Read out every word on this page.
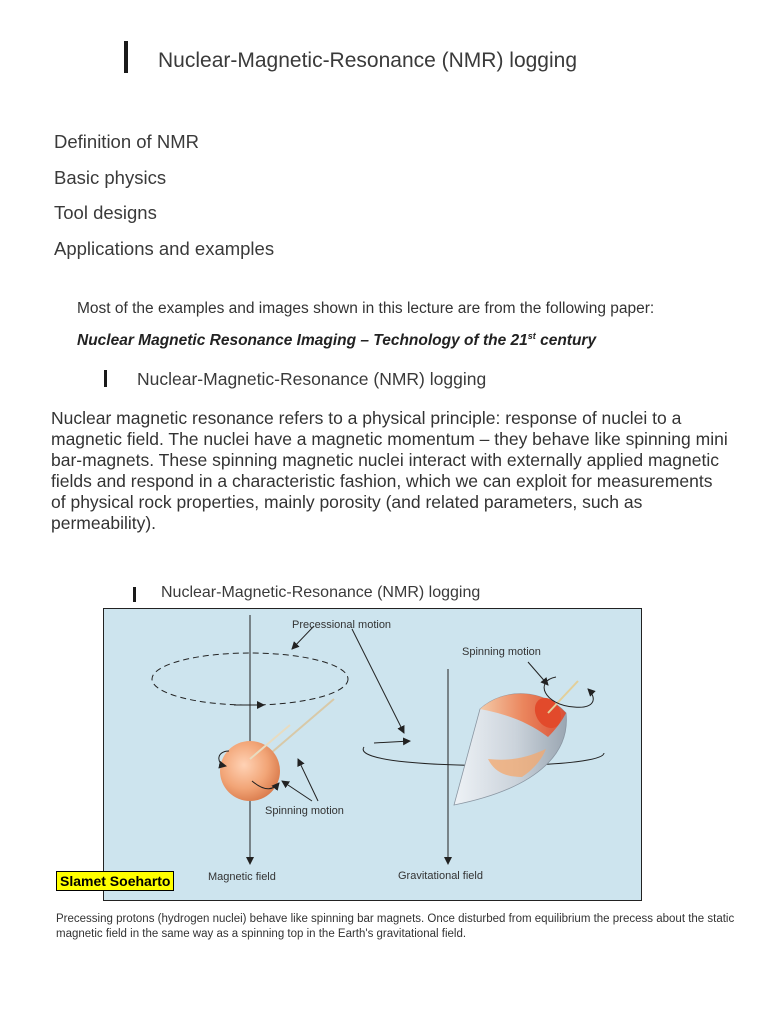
Nuclear-Magnetic-Resonance (NMR) logging
Definition of NMR
Basic physics
Tool designs
Applications and examples
Most of the examples and images shown in this lecture are from the following paper:
Nuclear Magnetic Resonance Imaging – Technology of the 21st century
Nuclear-Magnetic-Resonance (NMR) logging
Nuclear magnetic resonance refers to a physical principle: response of nuclei to a magnetic field. The nuclei have a magnetic momentum – they behave like spinning mini bar-magnets. These spinning magnetic nuclei interact with externally applied magnetic fields and respond in a characteristic fashion, which we can exploit for measurements of physical rock properties, mainly porosity (and related parameters, such as permeability).
Nuclear-Magnetic-Resonance (NMR) logging
Precessional motion
Spinning motion
Spinning motion
Magnetic field	Gravitational field
Slamet Soeharto
Precessing protons (hydrogen nuclei) behave like spinning bar magnets. Once disturbed from equilibrium the precess about the static magnetic field in the same way as a spinning top in the Earth's gravitational field.
